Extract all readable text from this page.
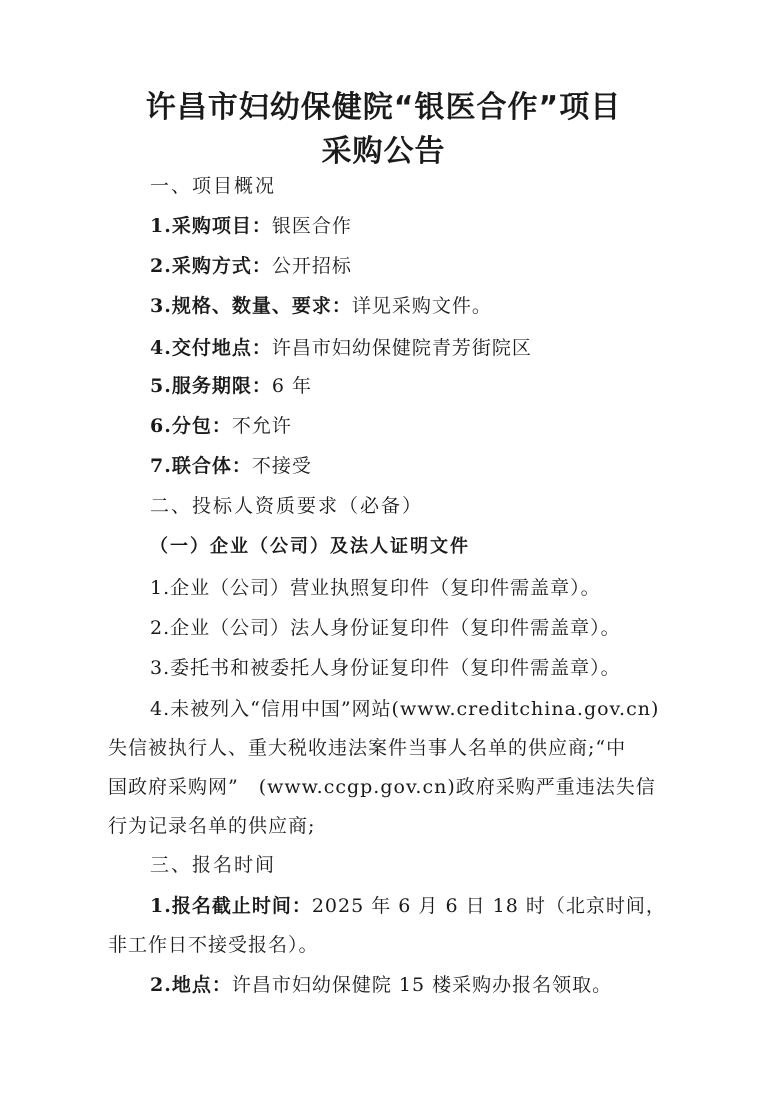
许昌市妇幼保健院“银医合作”项目
采购公告
一、项目概况
1.采购项目：银医合作
2.采购方式：公开招标
3.规格、数量、要求：详见采购文件。
4.交付地点：许昌市妇幼保健院青芳街院区
5.服务期限：6 年
6.分包：不允许
7.联合体：不接受
二、投标人资质要求（必备）
（一）企业（公司）及法人证明文件
1.企业（公司）营业执照复印件（复印件需盖章）。
2.企业（公司）法人身份证复印件（复印件需盖章）。
3.委托书和被委托人身份证复印件（复印件需盖章）。
4.未被列入“信用中国”网站(www.creditchina.gov.cn)
失信被执行人、重大税收违法案件当事人名单的供应商;“中
国政府采购网”　(www.ccgp.gov.cn)政府采购严重违法失信
行为记录名单的供应商;
三、报名时间
1.报名截止时间：2025 年 6 月 6 日 18 时（北京时间，
非工作日不接受报名）。
2.地点：许昌市妇幼保健院 15 楼采购办报名领取。
